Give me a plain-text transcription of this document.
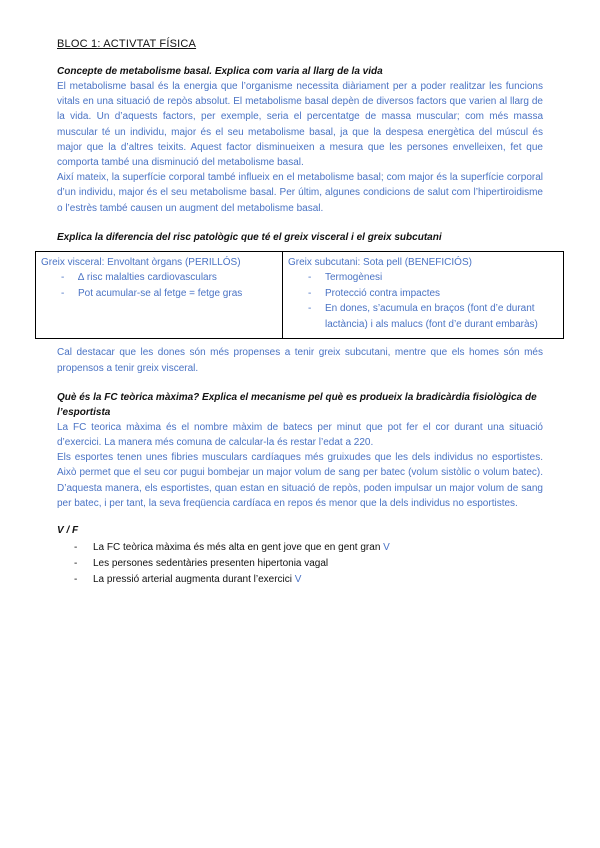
BLOC 1: ACTIVTAT FÍSICA

Concepte de metabolisme basal. Explica com varia al llarg de la vida

El metabolisme basal és la energia que l’organisme necessita diàriament per a poder realitzar les funcions vitals en una situació de repòs absolut. El metabolisme basal depèn de diversos factors que varien al llarg de la vida. Un d’aquests factors, per exemple, seria el percentatge de massa muscular; com més massa muscular té un individu, major és el seu metabolisme basal, ja que la despesa energètica del múscul és major que la d’altres teixits. Aquest factor disminueixen a mesura que les persones envelleixen, fet que comporta també una disminució del metabolisme basal.

Així mateix, la superfície corporal també influeix en el metabolisme basal; com major és la superfície corporal d’un individu, major és el seu metabolisme basal. Per últim, algunes condicions de salut com l’hipertiroidisme o l’estrès també causen un augment del metabolisme basal.

Explica la diferencia del risc patològic que té el greix visceral i el greix subcutani

Greix visceral: Envoltant òrgans (PERILLÓS)

- ∆ risc malalties cardiovasculars
- Pot acumular-se al fetge = fetge gras

Greix subcutani: Sota pell (BENEFICIÓS)

- Termogènesi
- Protecció contra impactes
- En dones, s’acumula en braços (font d’e durant lactància) i als malucs (font d’e durant embaràs)

Cal destacar que les dones són més propenses a tenir greix subcutani, mentre que els homes són més propensos a tenir greix visceral.

Què és la FC teòrica màxima? Explica el mecanisme pel què es produeix la bradicàrdia fisiològica de l’esportista

La FC teorica màxima és el nombre màxim de batecs per minut que pot fer el cor durant una situació d’exercici. La manera més comuna de calcular-la és restar l’edat a 220.

Els esportes tenen unes fibries musculars cardíaques més gruixudes que les dels individus no esportistes. Això permet que el seu cor pugui bombejar un major volum de sang per batec (volum sistòlic o volum batec). D’aquesta manera, els esportistes, quan estan en situació de repòs, poden impulsar un major volum de sang per batec, i per tant, la seva freqüencia cardíaca en repos és menor que la dels individus no esportistes.

V / F

- La FC teòrica màxima és més alta en gent jove que en gent gran V
- Les persones sedentàries presenten hipertonia vagal
- La pressió arterial augmenta durant l’exercici V
